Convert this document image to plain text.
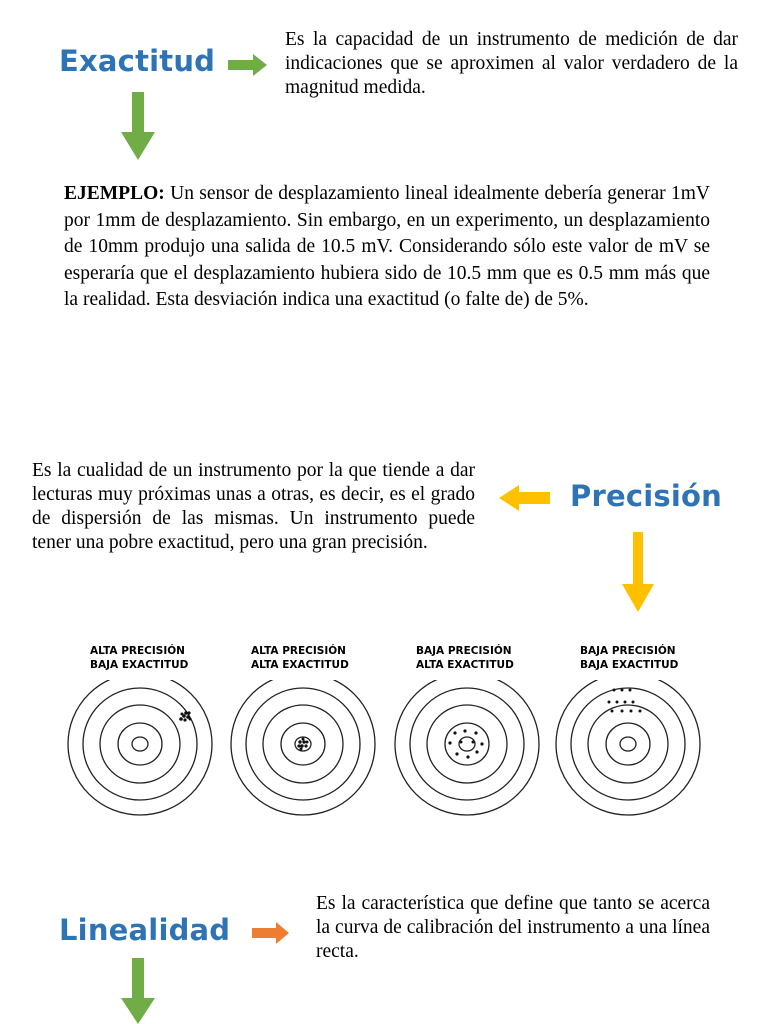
Exactitud
Es la capacidad de un instrumento de medición de dar indicaciones que se aproximen al valor verdadero de la magnitud medida.
EJEMPLO: Un sensor de desplazamiento lineal idealmente debería generar 1mV por 1mm de desplazamiento. Sin embargo, en un experimento, un desplazamiento de 10mm produjo una salida de 10.5 mV. Considerando sólo este valor de mV se esperaría que el desplazamiento hubiera sido de 10.5 mm que es 0.5 mm más que la realidad. Esta desviación indica una exactitud (o falte de) de 5%.
Es la cualidad de un instrumento por la que tiende a dar lecturas muy próximas unas a otras, es decir, es el grado de dispersión de las mismas. Un instrumento puede tener una pobre exactitud, pero una gran precisión.
Precisión
ALTA PRECISIÓN
BAJA EXACTITUD
ALTA PRECISIÓN
ALTA EXACTITUD
BAJA PRECISIÓN
ALTA EXACTITUD
BAJA PRECISIÓN
BAJA EXACTITUD
Linealidad
Es la característica que define que tanto se acerca la curva de calibración del instrumento a una línea recta.
